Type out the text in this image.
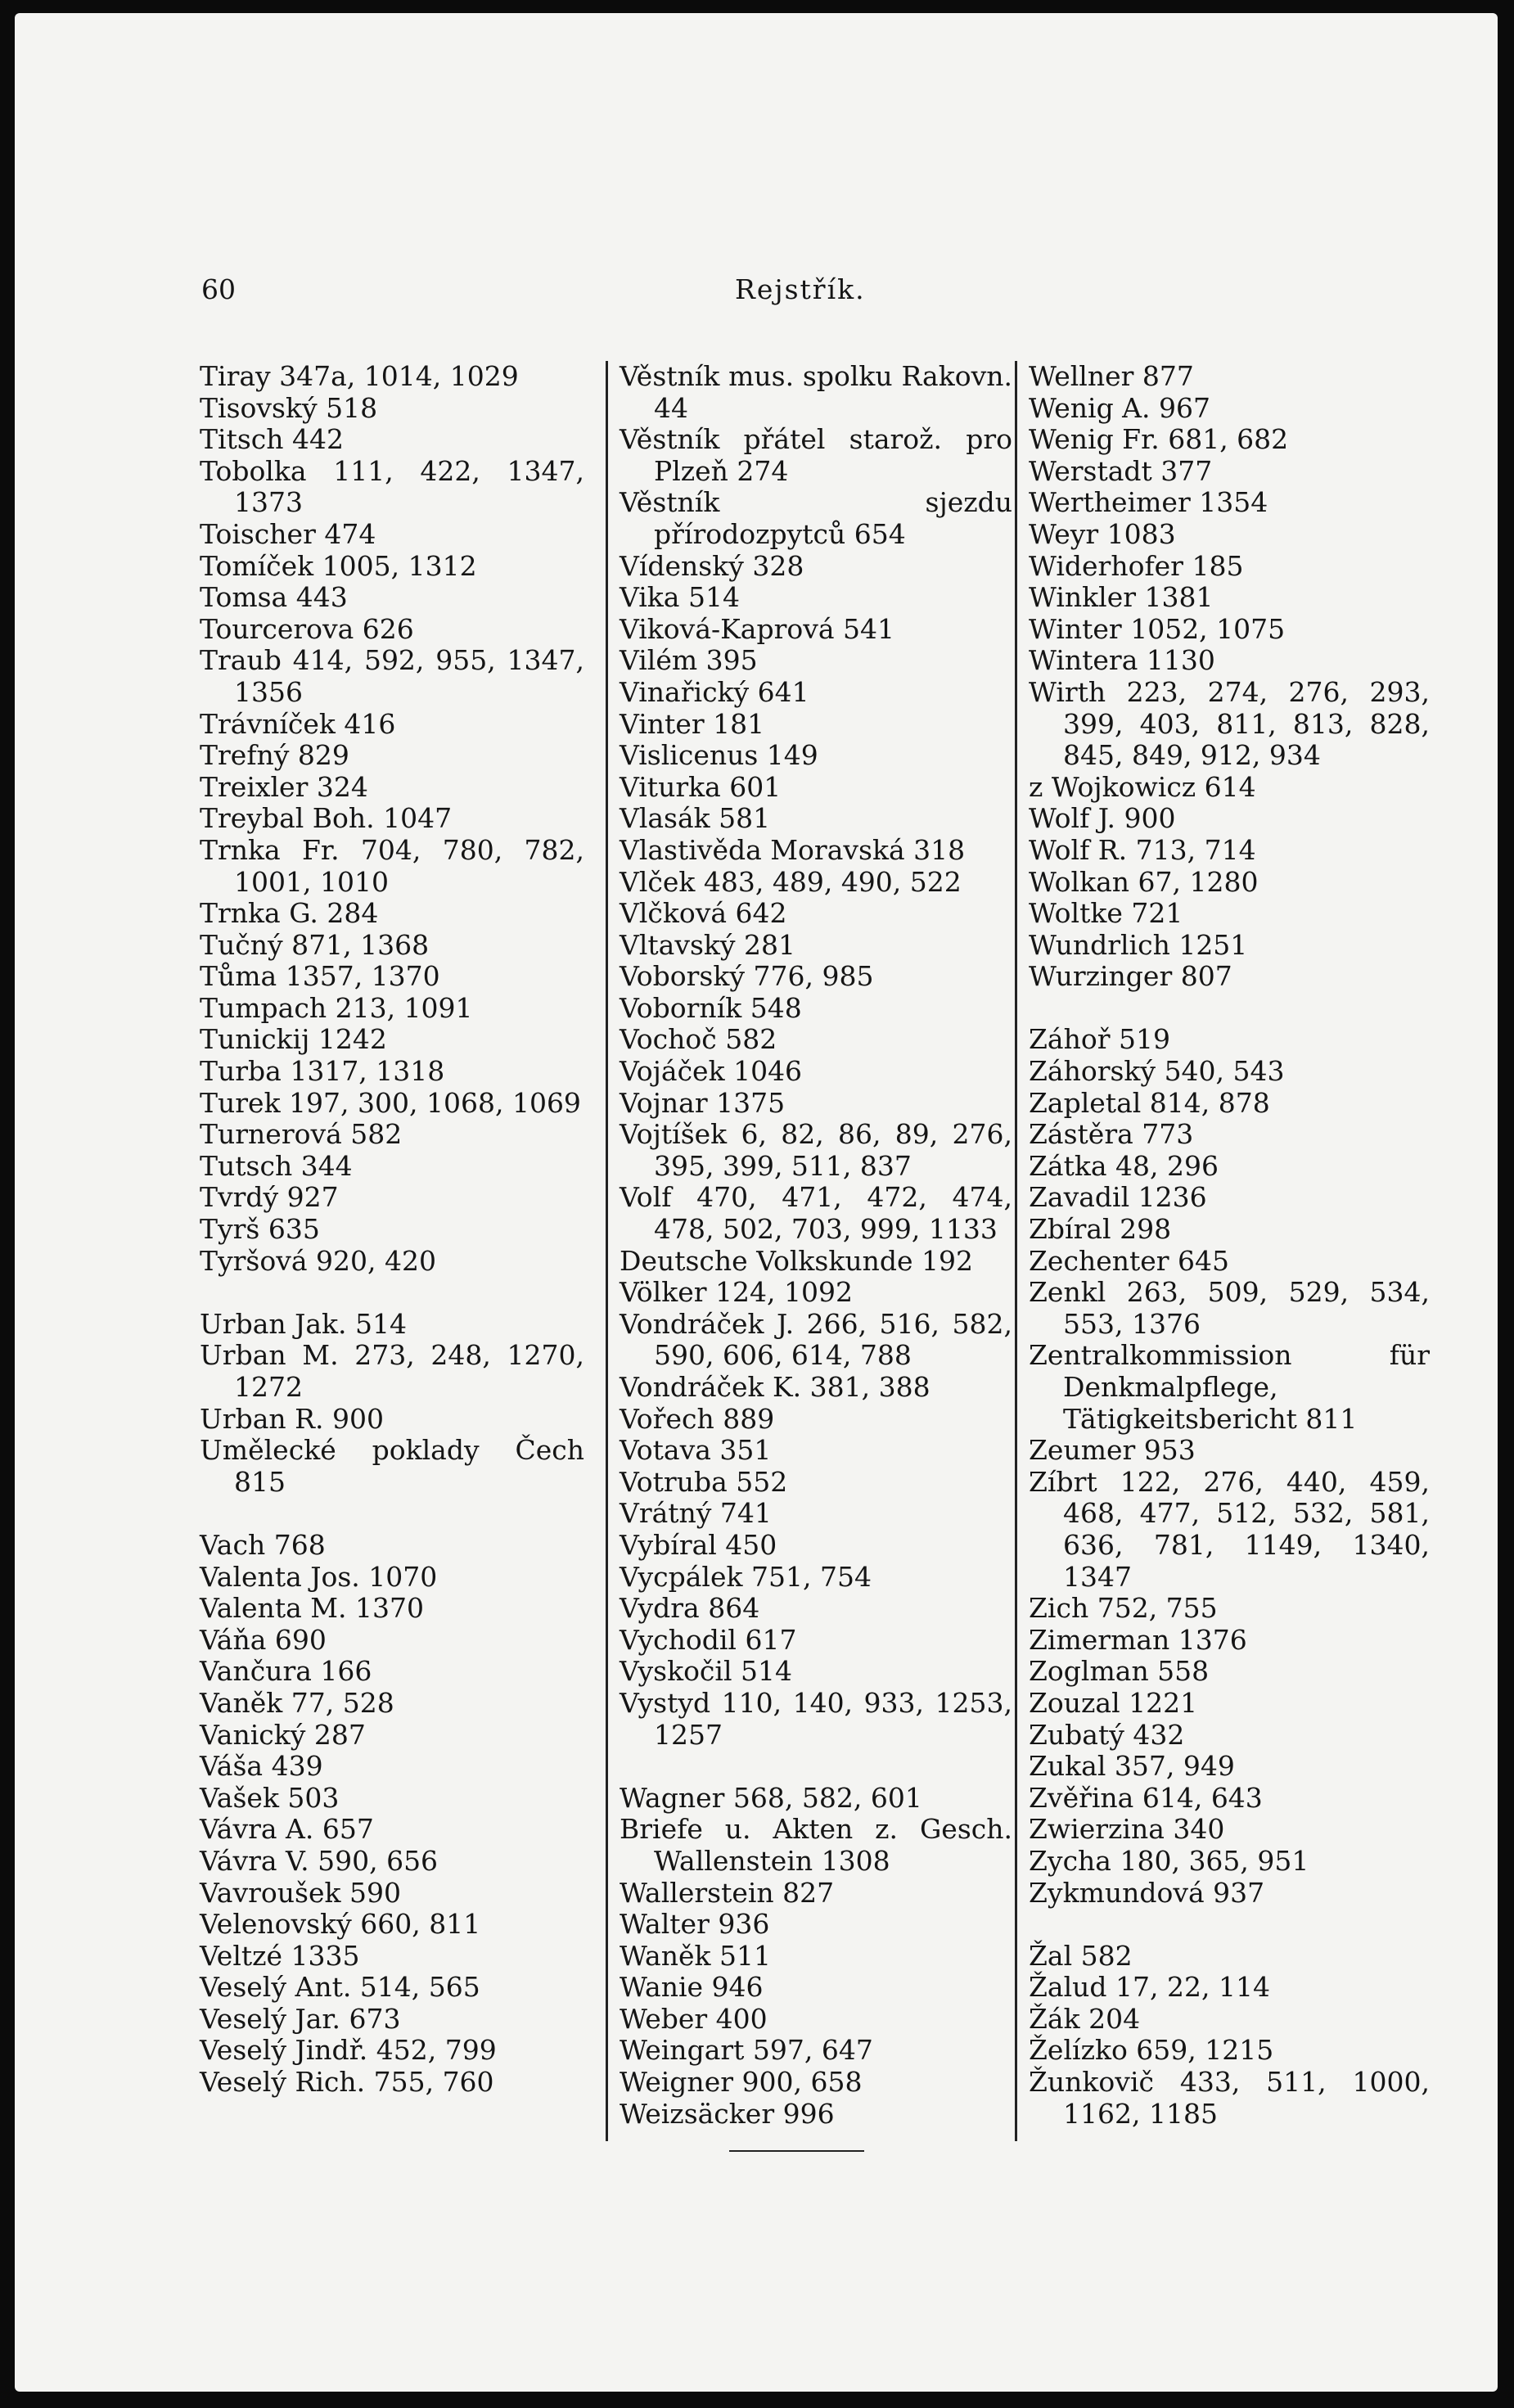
60	Rejstřík.
Tiray 347a, 1014, 1029
Tisovský 518
Titsch 442
Tobolka 111, 422, 1347, 1373
Toischer 474
Tomíček 1005, 1312
Tomsa 443
Tourcerova 626
Traub 414, 592, 955, 1347, 1356
Trávníček 416
Trefný 829
Treixler 324
Treybal Boh. 1047
Trnka Fr. 704, 780, 782, 1001, 1010
Trnka G. 284
Tučný 871, 1368
Tůma 1357, 1370
Tumpach 213, 1091
Tunickij 1242
Turba 1317, 1318
Turek 197, 300, 1068, 1069
Turnerová 582
Tutsch 344
Tvrdý 927
Tyrš 635
Tyršová 920, 420
Urban Jak. 514
Urban M. 273, 248, 1270, 1272
Urban R. 900
Umělecké poklady Čech 815
Vach 768
Valenta Jos. 1070
Valenta M. 1370
Váňa 690
Vančura 166
Vaněk 77, 528
Vanický 287
Váša 439
Vašek 503
Vávra A. 657
Vávra V. 590, 656
Vavroušek 590
Velenovský 660, 811
Veltzé 1335
Veselý Ant. 514, 565
Veselý Jar. 673
Veselý Jindř. 452, 799
Veselý Rich. 755, 760
Věstník mus. spolku Rakovn. 44
Věstník přátel starož. pro Plzeň 274
Věstník sjezdu přírodozpytců 654
Vídenský 328
Vika 514
Viková-Kaprová 541
Vilém 395
Vinařický 641
Vinter 181
Vislicenus 149
Viturka 601
Vlasák 581
Vlastivěda Moravská 318
Vlček 483, 489, 490, 522
Vlčková 642
Vltavský 281
Voborský 776, 985
Voborník 548
Vochoč 582
Vojáček 1046
Vojnar 1375
Vojtíšek 6, 82, 86, 89, 276, 395, 399, 511, 837
Volf 470, 471, 472, 474, 478, 502, 703, 999, 1133
Deutsche Volkskunde 192
Völker 124, 1092
Vondráček J. 266, 516, 582, 590, 606, 614, 788
Vondráček K. 381, 388
Vořech 889
Votava 351
Votruba 552
Vrátný 741
Vybíral 450
Vycpálek 751, 754
Vydra 864
Vychodil 617
Vyskočil 514
Vystyd 110, 140, 933, 1253, 1257
Wagner 568, 582, 601
Briefe u. Akten z. Gesch. Wallenstein 1308
Wallerstein 827
Walter 936
Waněk 511
Wanie 946
Weber 400
Weingart 597, 647
Weigner 900, 658
Weizsäcker 996
Wellner 877
Wenig A. 967
Wenig Fr. 681, 682
Werstadt 377
Wertheimer 1354
Weyr 1083
Widerhofer 185
Winkler 1381
Winter 1052, 1075
Wintera 1130
Wirth 223, 274, 276, 293, 399, 403, 811, 813, 828, 845, 849, 912, 934
z Wojkowicz 614
Wolf J. 900
Wolf R. 713, 714
Wolkan 67, 1280
Woltke 721
Wundrlich 1251
Wurzinger 807
Záhoř 519
Záhorský 540, 543
Zapletal 814, 878
Zástěra 773
Zátka 48, 296
Zavadil 1236
Zbíral 298
Zechenter 645
Zenkl 263, 509, 529, 534, 553, 1376
Zentralkommission für Denkmalpflege, Tätigkeitsbericht 811
Zeumer 953
Zíbrt 122, 276, 440, 459, 468, 477, 512, 532, 581, 636, 781, 1149, 1340, 1347
Zich 752, 755
Zimerman 1376
Zoglman 558
Zouzal 1221
Zubatý 432
Zukal 357, 949
Zvěřina 614, 643
Zwierzina 340
Zycha 180, 365, 951
Zykmundová 937
Žal 582
Žalud 17, 22, 114
Žák 204
Želízko 659, 1215
Žunkovič 433, 511, 1000, 1162, 1185
